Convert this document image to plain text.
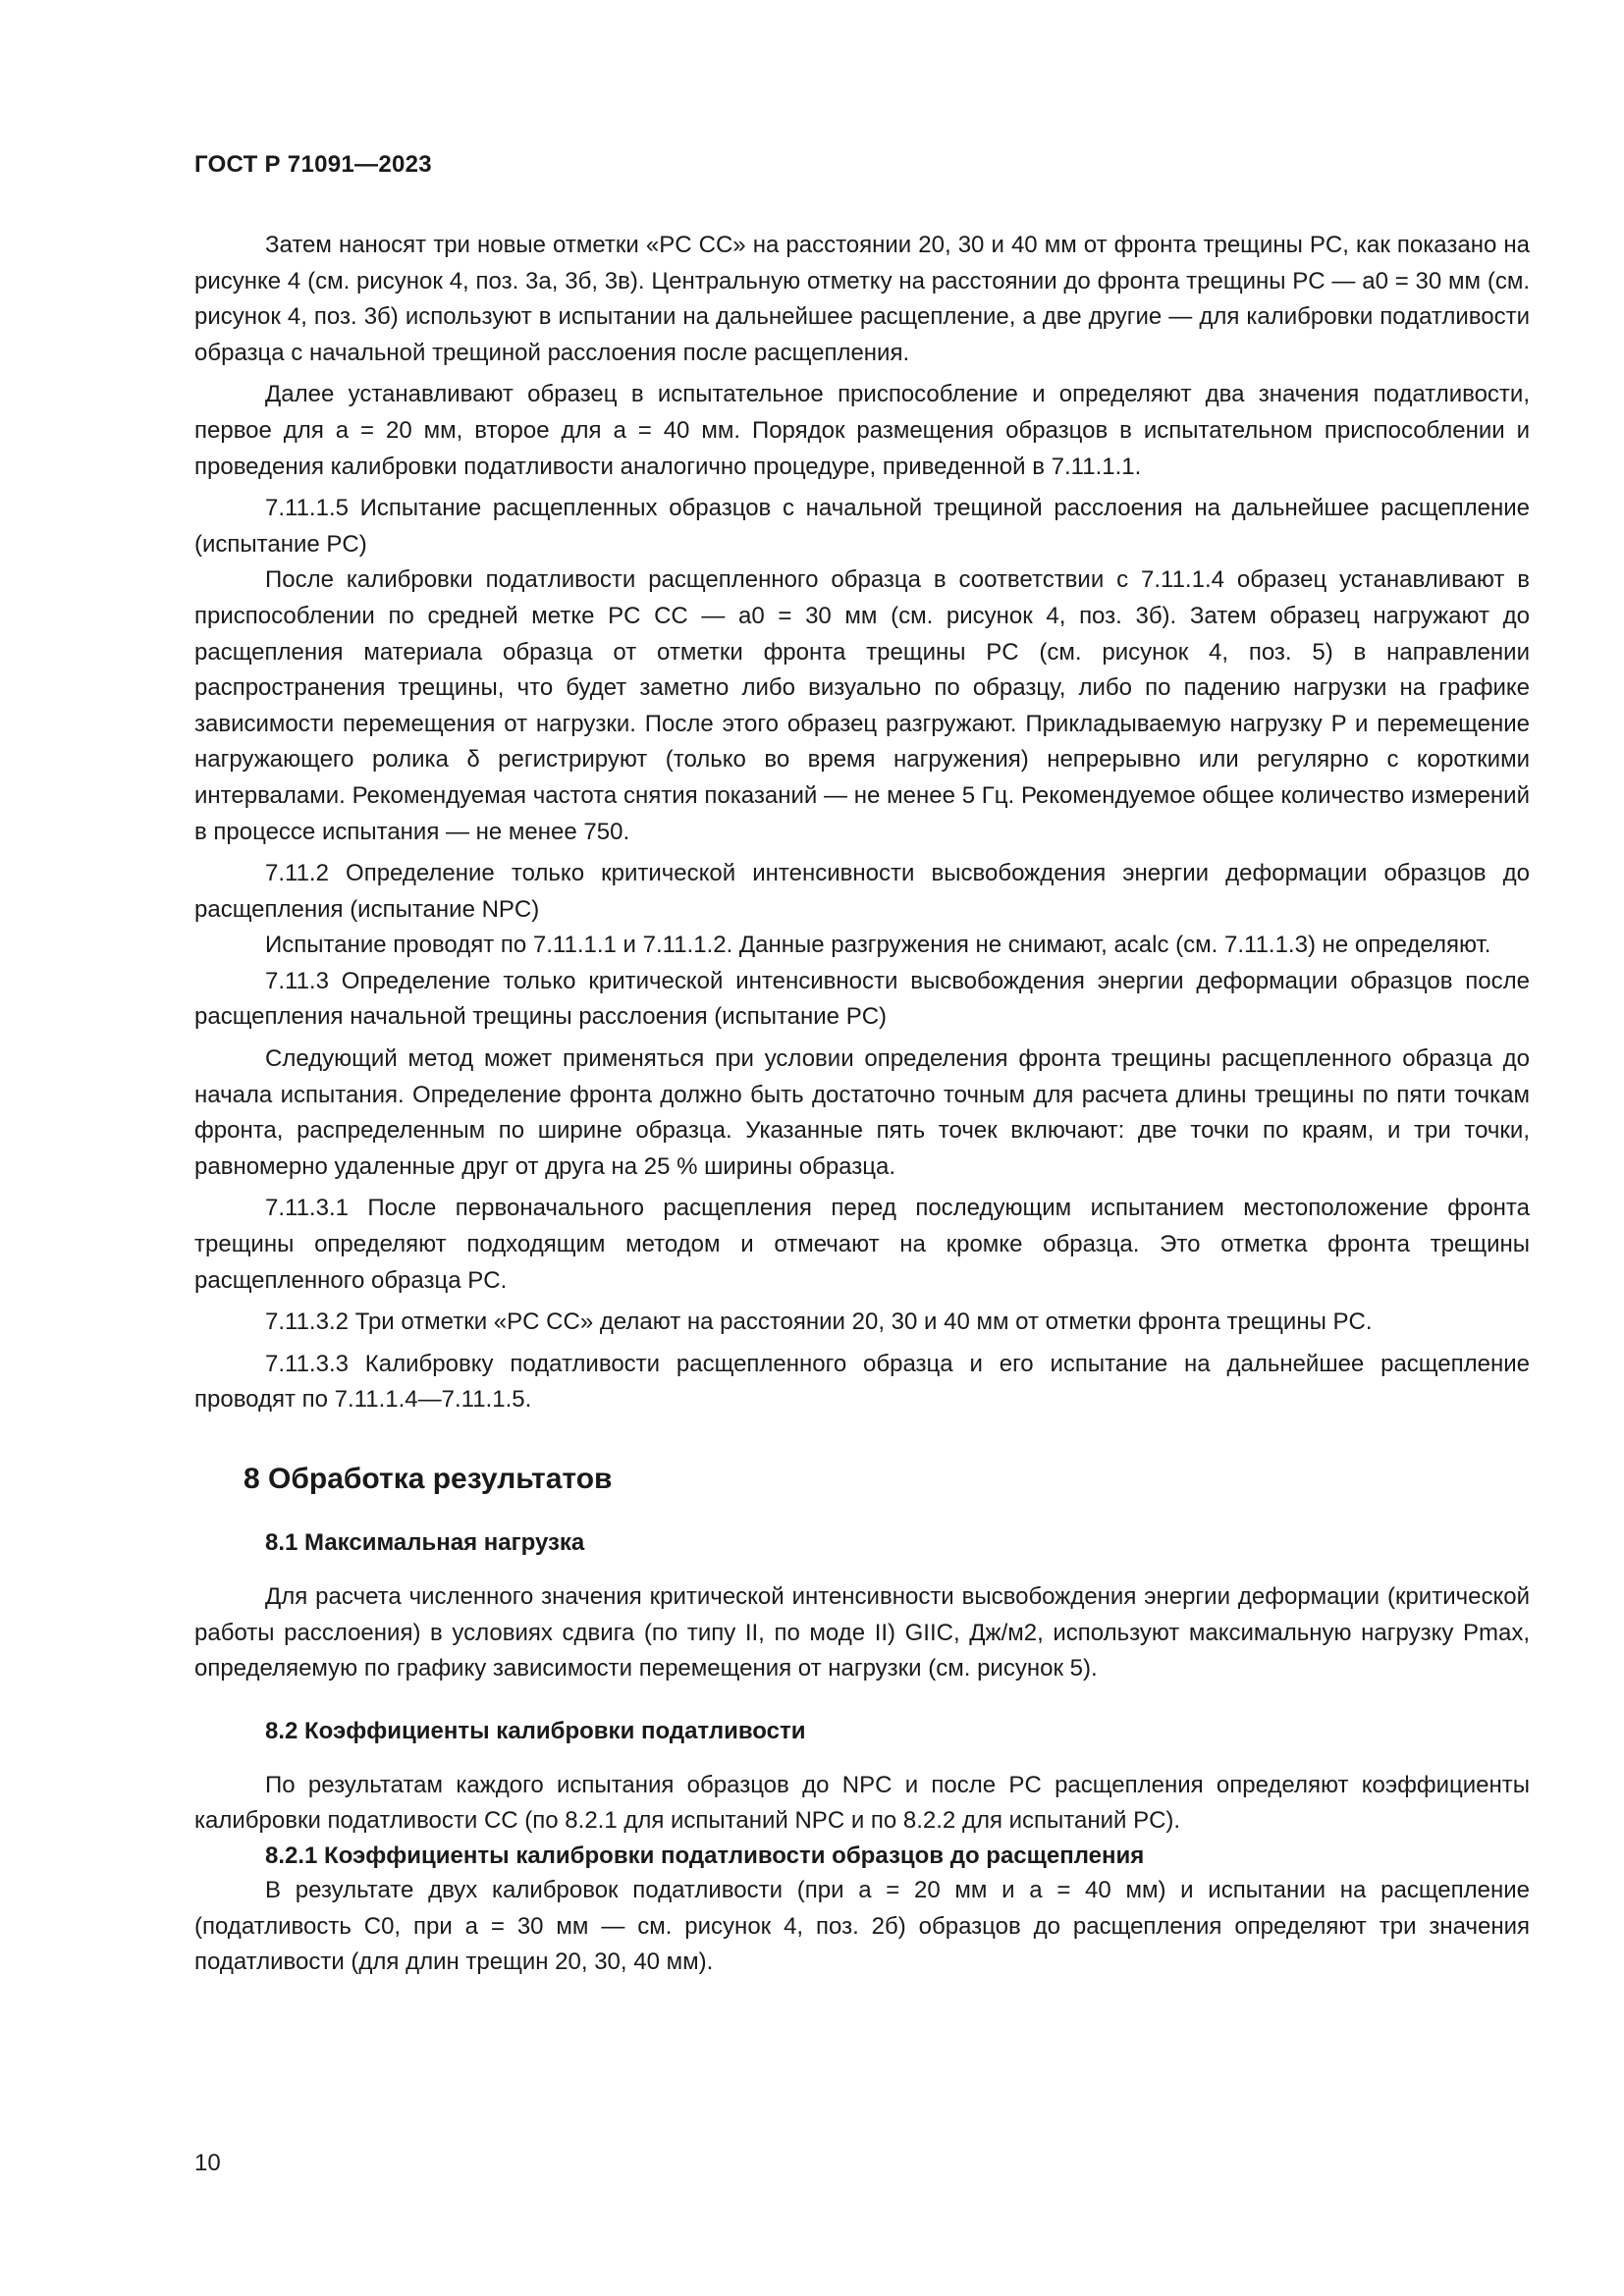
ГОСТ Р 71091—2023

Затем наносят три новые отметки «PC CC» на расстоянии 20, 30 и 40 мм от фронта трещины PC, как показано на рисунке 4 (см. рисунок 4, поз. 3а, 3б, 3в). Центральную отметку на расстоянии до фронта трещины PC — a0 = 30 мм (см. рисунок 4, поз. 3б) используют в испытании на дальнейшее расщепление, а две другие — для калибровки податливости образца с начальной трещиной расслоения после расщепления.

Далее устанавливают образец в испытательное приспособление и определяют два значения податливости, первое для a = 20 мм, второе для a = 40 мм. Порядок размещения образцов в испытательном приспособлении и проведения калибровки податливости аналогично процедуре, приведенной в 7.11.1.1.

7.11.1.5 Испытание расщепленных образцов с начальной трещиной расслоения на дальнейшее расщепление (испытание PC)

После калибровки податливости расщепленного образца в соответствии с 7.11.1.4 образец устанавливают в приспособлении по средней метке PC CC — a0 = 30 мм (см. рисунок 4, поз. 3б). Затем образец нагружают до расщепления материала образца от отметки фронта трещины PC (см. рисунок 4, поз. 5) в направлении распространения трещины, что будет заметно либо визуально по образцу, либо по падению нагрузки на графике зависимости перемещения от нагрузки. После этого образец разгружают. Прикладываемую нагрузку P и перемещение нагружающего ролика δ регистрируют (только во время нагружения) непрерывно или регулярно с короткими интервалами. Рекомендуемая частота снятия показаний — не менее 5 Гц. Рекомендуемое общее количество измерений в процессе испытания — не менее 750.

7.11.2 Определение только критической интенсивности высвобождения энергии деформации образцов до расщепления (испытание NPC)

Испытание проводят по 7.11.1.1 и 7.11.1.2. Данные разгружения не снимают, acalc (см. 7.11.1.3) не определяют.

7.11.3 Определение только критической интенсивности высвобождения энергии деформации образцов после расщепления начальной трещины расслоения (испытание PC)

Следующий метод может применяться при условии определения фронта трещины расщепленного образца до начала испытания. Определение фронта должно быть достаточно точным для расчета длины трещины по пяти точкам фронта, распределенным по ширине образца. Указанные пять точек включают: две точки по краям, и три точки, равномерно удаленные друг от друга на 25 % ширины образца.

7.11.3.1 После первоначального расщепления перед последующим испытанием местоположение фронта трещины определяют подходящим методом и отмечают на кромке образца. Это отметка фронта трещины расщепленного образца PC.

7.11.3.2 Три отметки «PC CC» делают на расстоянии 20, 30 и 40 мм от отметки фронта трещины PC.

7.11.3.3 Калибровку податливости расщепленного образца и его испытание на дальнейшее расщепление проводят по 7.11.1.4—7.11.1.5.

8 Обработка результатов
8.1 Максимальная нагрузка

Для расчета численного значения критической интенсивности высвобождения энергии деформации (критической работы расслоения) в условиях сдвига (по типу II, по моде II) GIIC, Дж/м2, используют максимальную нагрузку Pmax, определяемую по графику зависимости перемещения от нагрузки (см. рисунок 5).

8.2 Коэффициенты калибровки податливости

По результатам каждого испытания образцов до NPC и после PC расщепления определяют коэффициенты калибровки податливости CC (по 8.2.1 для испытаний NPC и по 8.2.2 для испытаний PC).

8.2.1 Коэффициенты калибровки податливости образцов до расщепления

В результате двух калибровок податливости (при a = 20 мм и a = 40 мм) и испытании на расщепление (податливость C0, при a = 30 мм — см. рисунок 4, поз. 2б) образцов до расщепления определяют три значения податливости (для длин трещин 20, 30, 40 мм).

10
